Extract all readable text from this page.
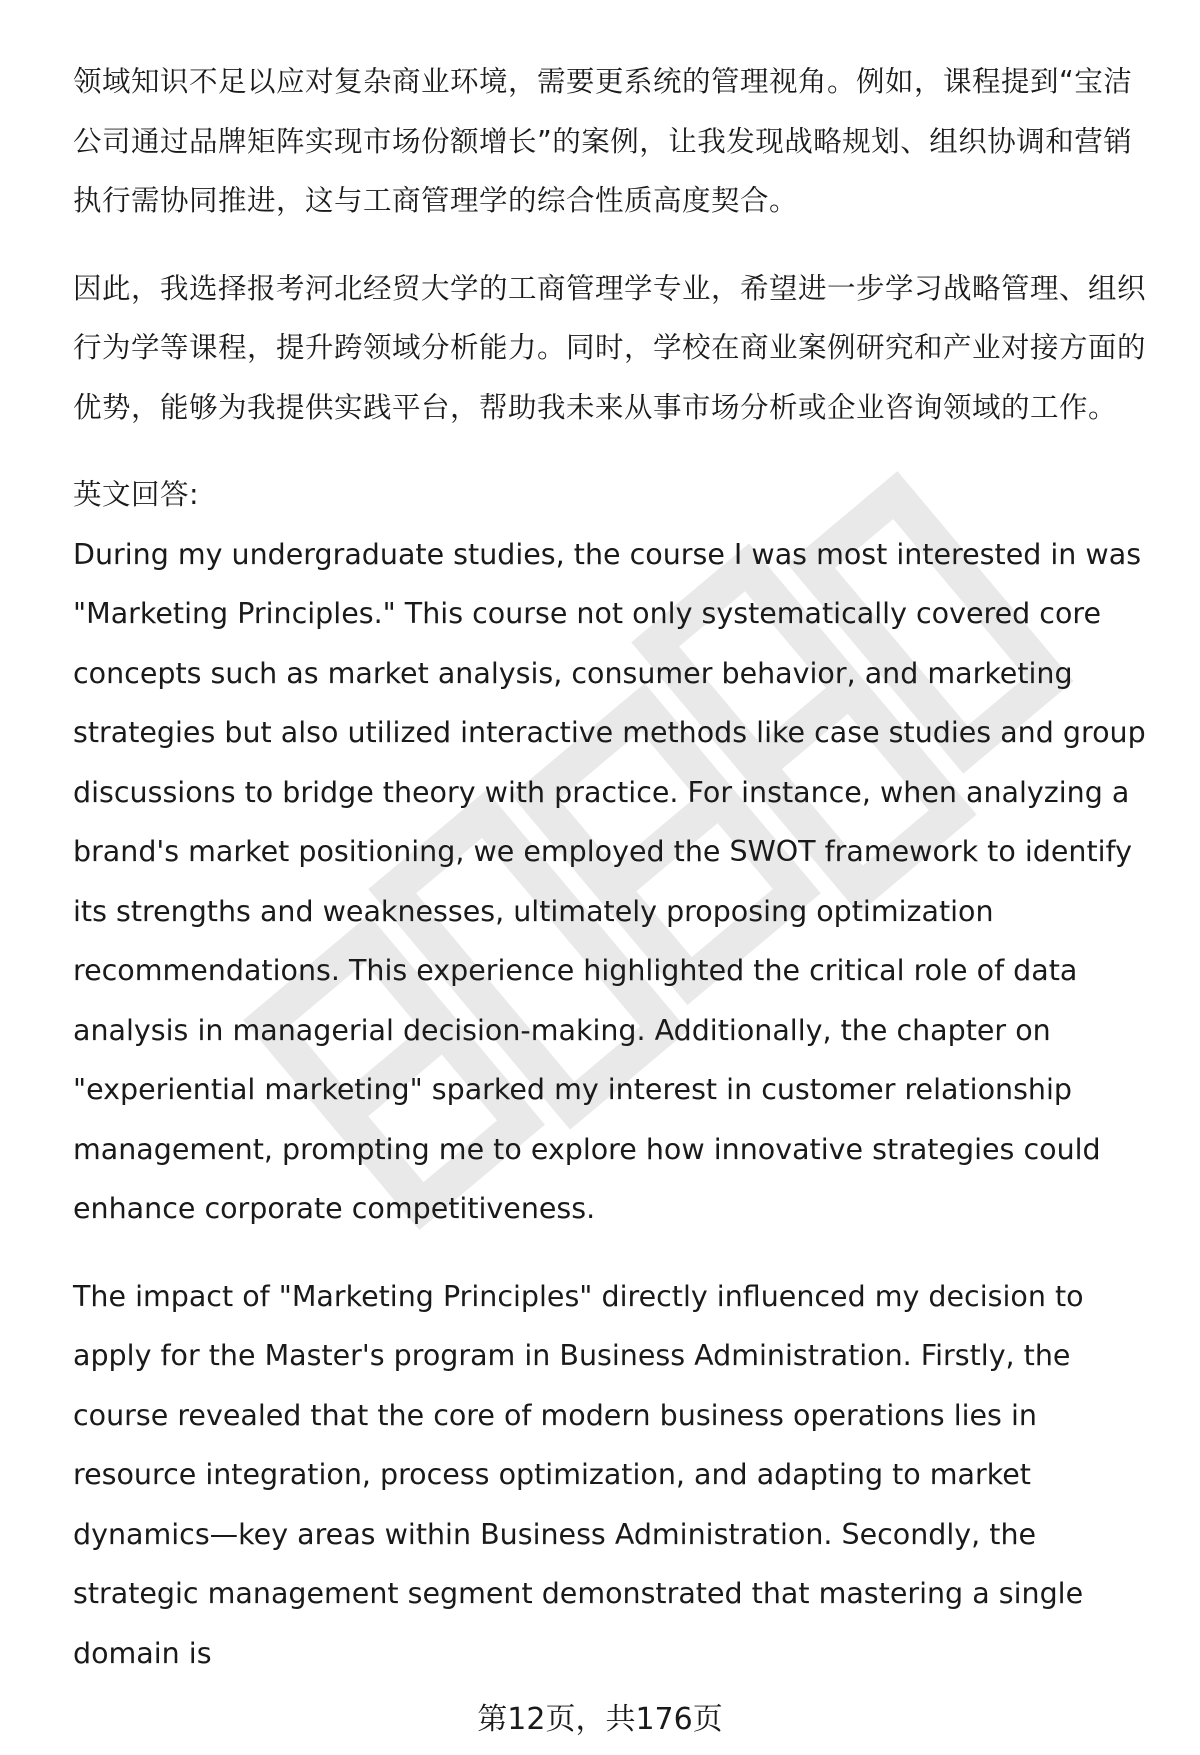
领域知识不足以应对复杂商业环境，需要更系统的管理视角。例如，课程提到“宝洁公司通过品牌矩阵实现市场份额增长”的案例，让我发现战略规划、组织协调和营销执行需协同推进，这与工商管理学的综合性质高度契合。

因此，我选择报考河北经贸大学的工商管理学专业，希望进一步学习战略管理、组织行为学等课程，提升跨领域分析能力。同时，学校在商业案例研究和产业对接方面的优势，能够为我提供实践平台，帮助我未来从事市场分析或企业咨询领域的工作。

英文回答:

During my undergraduate studies, the course I was most interested in was "Marketing Principles." This course not only systematically covered core concepts such as market analysis, consumer behavior, and marketing strategies but also utilized interactive methods like case studies and group discussions to bridge theory with practice. For instance, when analyzing a brand's market positioning, we employed the SWOT framework to identify its strengths and weaknesses, ultimately proposing optimization recommendations. This experience highlighted the critical role of data analysis in managerial decision-making. Additionally, the chapter on "experiential marketing" sparked my interest in customer relationship management, prompting me to explore how innovative strategies could enhance corporate competitiveness.

The impact of "Marketing Principles" directly influenced my decision to apply for the Master's program in Business Administration. Firstly, the course revealed that the core of modern business operations lies in resource integration, process optimization, and adapting to market dynamics—key areas within Business Administration. Secondly, the strategic management segment demonstrated that mastering a single domain is

第12页，共176页
